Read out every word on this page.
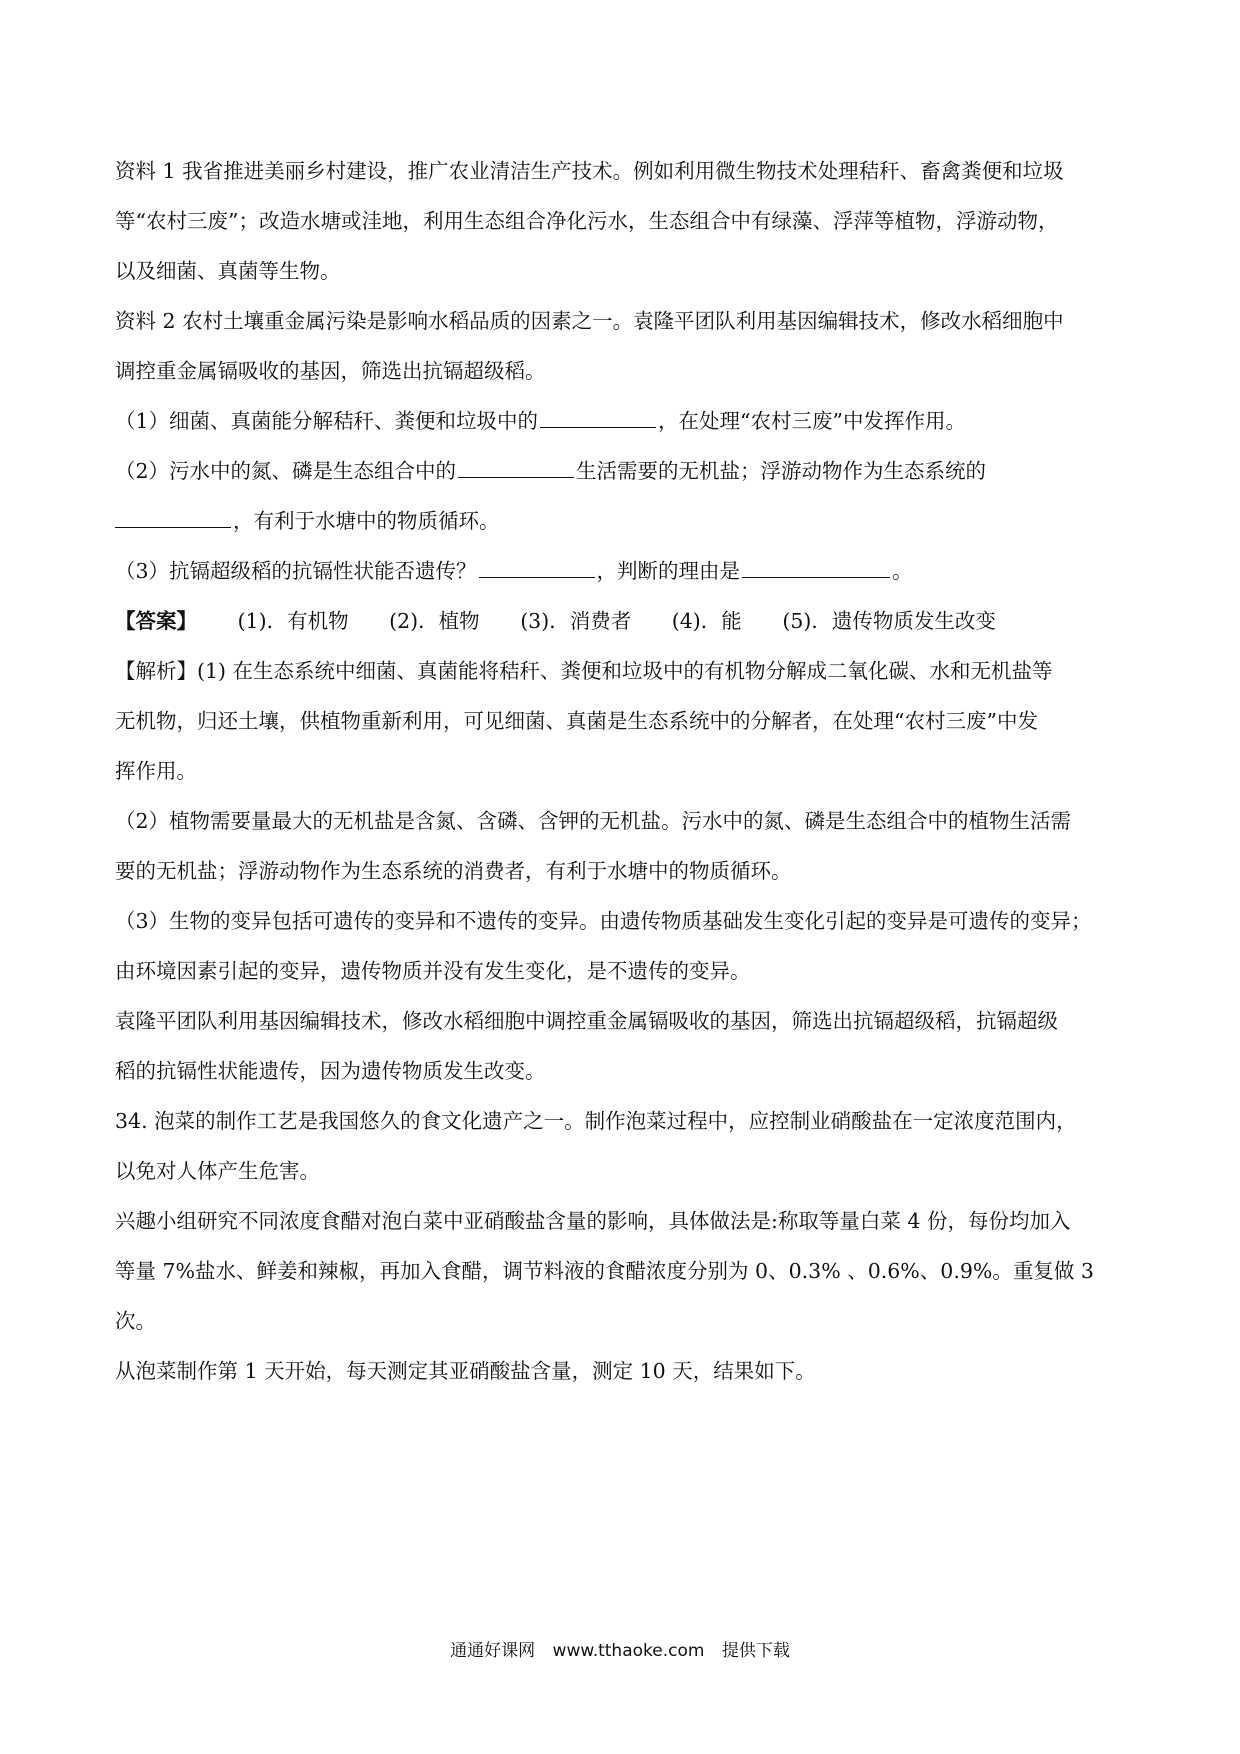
资料 1 我省推进美丽乡村建设，推广农业清洁生产技术。例如利用微生物技术处理秸秆、畜禽粪便和垃圾

等“农村三废”；改造水塘或洼地，利用生态组合净化污水，生态组合中有绿藻、浮萍等植物，浮游动物，

以及细菌、真菌等生物。

资料 2 农村土壤重金属污染是影响水稻品质的因素之一。袁隆平团队利用基因编辑技术，修改水稻细胞中

调控重金属镉吸收的基因，筛选出抗镉超级稻。

（1）细菌、真菌能分解秸秆、粪便和垃圾中的	，在处理“农村三废”中发挥作用。

（2）污水中的氮、磷是生态组合中的	生活需要的无机盐；浮游动物作为生态系统的

，有利于水塘中的物质循环。

（3）抗镉超级稻的抗镉性状能否遗传？	，判断的理由是	。

【答案】 (1)．有机物 (2)．植物 (3)．消费者 (4)．能 (5)．遗传物质发生改变

【解析】(1) 在生态系统中细菌、真菌能将秸秆、粪便和垃圾中的有机物分解成二氧化碳、水和无机盐等

无机物，归还土壤，供植物重新利用，可见细菌、真菌是生态系统中的分解者，在处理“农村三废”中发

挥作用。

（2）植物需要量最大的无机盐是含氮、含磷、含钾的无机盐。污水中的氮、磷是生态组合中的植物生活需

要的无机盐；浮游动物作为生态系统的消费者，有利于水塘中的物质循环。

（3）生物的变异包括可遗传的变异和不遗传的变异。由遗传物质基础发生变化引起的变异是可遗传的变异；

由环境因素引起的变异，遗传物质并没有发生变化，是不遗传的变异。

袁隆平团队利用基因编辑技术，修改水稻细胞中调控重金属镉吸收的基因，筛选出抗镉超级稻，抗镉超级

稻的抗镉性状能遗传，因为遗传物质发生改变。

34. 泡菜的制作工艺是我国悠久的食文化遗产之一。制作泡菜过程中，应控制业硝酸盐在一定浓度范围内，

以免对人体产生危害。

兴趣小组研究不同浓度食醋对泡白菜中亚硝酸盐含量的影响，具体做法是:称取等量白菜 4 份，每份均加入

等量 7%盐水、鲜姜和辣椒，再加入食醋，调节料液的食醋浓度分别为 0、0.3% 、0.6%、0.9%。重复做 3 次。

从泡菜制作第 1 天开始，每天测定其亚硝酸盐含量，测定 10 天，结果如下。

通通好课网 www.tthaoke.com 提供下载
